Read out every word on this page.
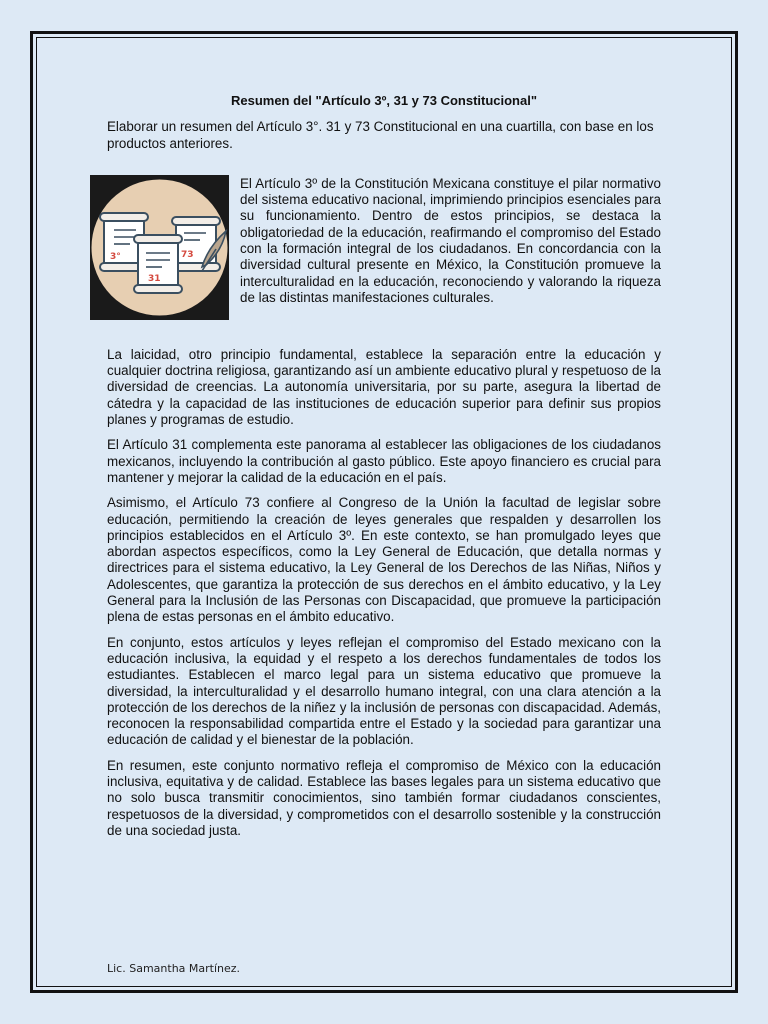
Resumen del "Artículo 3º, 31 y 73 Constitucional"
Elaborar un resumen del Artículo 3°. 31 y 73 Constitucional en una cuartilla, con base en los productos anteriores.
3°	73
31

El Artículo 3º de la Constitución Mexicana constituye el pilar normativo del sistema educativo nacional, imprimiendo principios esenciales para su funcionamiento. Dentro de estos principios, se destaca la obligatoriedad de la educación, reafirmando el compromiso del Estado con la formación integral de los ciudadanos. En concordancia con la diversidad cultural presente en México, la Constitución promueve la interculturalidad en la educación, reconociendo y valorando la riqueza de las distintas manifestaciones culturales.

La laicidad, otro principio fundamental, establece la separación entre la educación y cualquier doctrina religiosa, garantizando así un ambiente educativo plural y respetuoso de la diversidad de creencias. La autonomía universitaria, por su parte, asegura la libertad de cátedra y la capacidad de las instituciones de educación superior para definir sus propios planes y programas de estudio.

El Artículo 31 complementa este panorama al establecer las obligaciones de los ciudadanos mexicanos, incluyendo la contribución al gasto público. Este apoyo financiero es crucial para mantener y mejorar la calidad de la educación en el país.

Asimismo, el Artículo 73 confiere al Congreso de la Unión la facultad de legislar sobre educación, permitiendo la creación de leyes generales que respalden y desarrollen los principios establecidos en el Artículo 3º. En este contexto, se han promulgado leyes que abordan aspectos específicos, como la Ley General de Educación, que detalla normas y directrices para el sistema educativo, la Ley General de los Derechos de las Niñas, Niños y Adolescentes, que garantiza la protección de sus derechos en el ámbito educativo, y la Ley General para la Inclusión de las Personas con Discapacidad, que promueve la participación plena de estas personas en el ámbito educativo.

En conjunto, estos artículos y leyes reflejan el compromiso del Estado mexicano con la educación inclusiva, la equidad y el respeto a los derechos fundamentales de todos los estudiantes. Establecen el marco legal para un sistema educativo que promueve la diversidad, la interculturalidad y el desarrollo humano integral, con una clara atención a la protección de los derechos de la niñez y la inclusión de personas con discapacidad. Además, reconocen la responsabilidad compartida entre el Estado y la sociedad para garantizar una educación de calidad y el bienestar de la población.

En resumen, este conjunto normativo refleja el compromiso de México con la educación inclusiva, equitativa y de calidad. Establece las bases legales para un sistema educativo que no solo busca transmitir conocimientos, sino también formar ciudadanos conscientes, respetuosos de la diversidad, y comprometidos con el desarrollo sostenible y la construcción de una sociedad justa.

Lic. Samantha Martínez.
